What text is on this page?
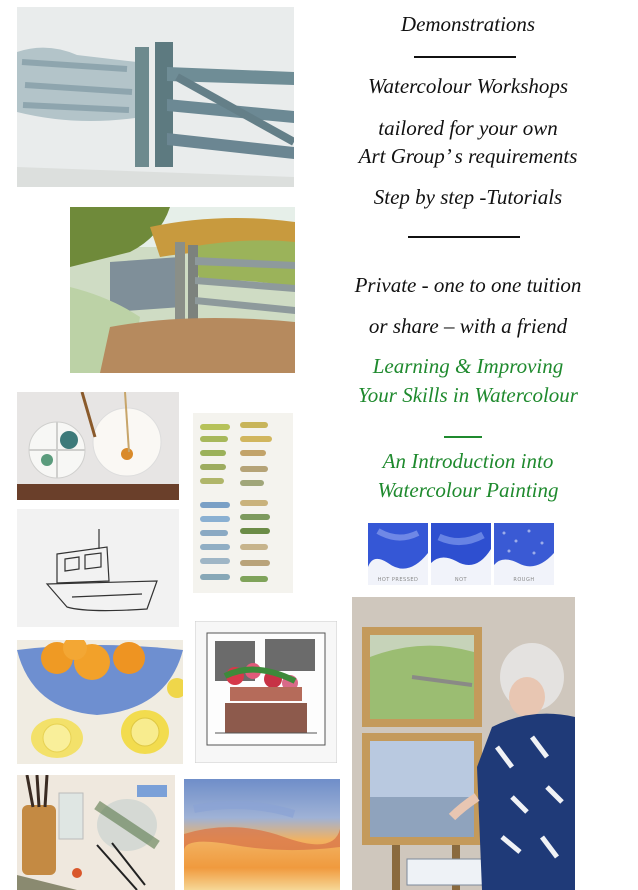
HOT PRESSED	NOT	ROUGH
Demonstrations
Watercolour Workshops
tailored for your own
Art Group’ s requirements
Step by step -Tutorials
Private - one to one tuition
or share – with a friend
Learning & Improving
Your Skills in Watercolour
An Introduction into
Watercolour Painting
